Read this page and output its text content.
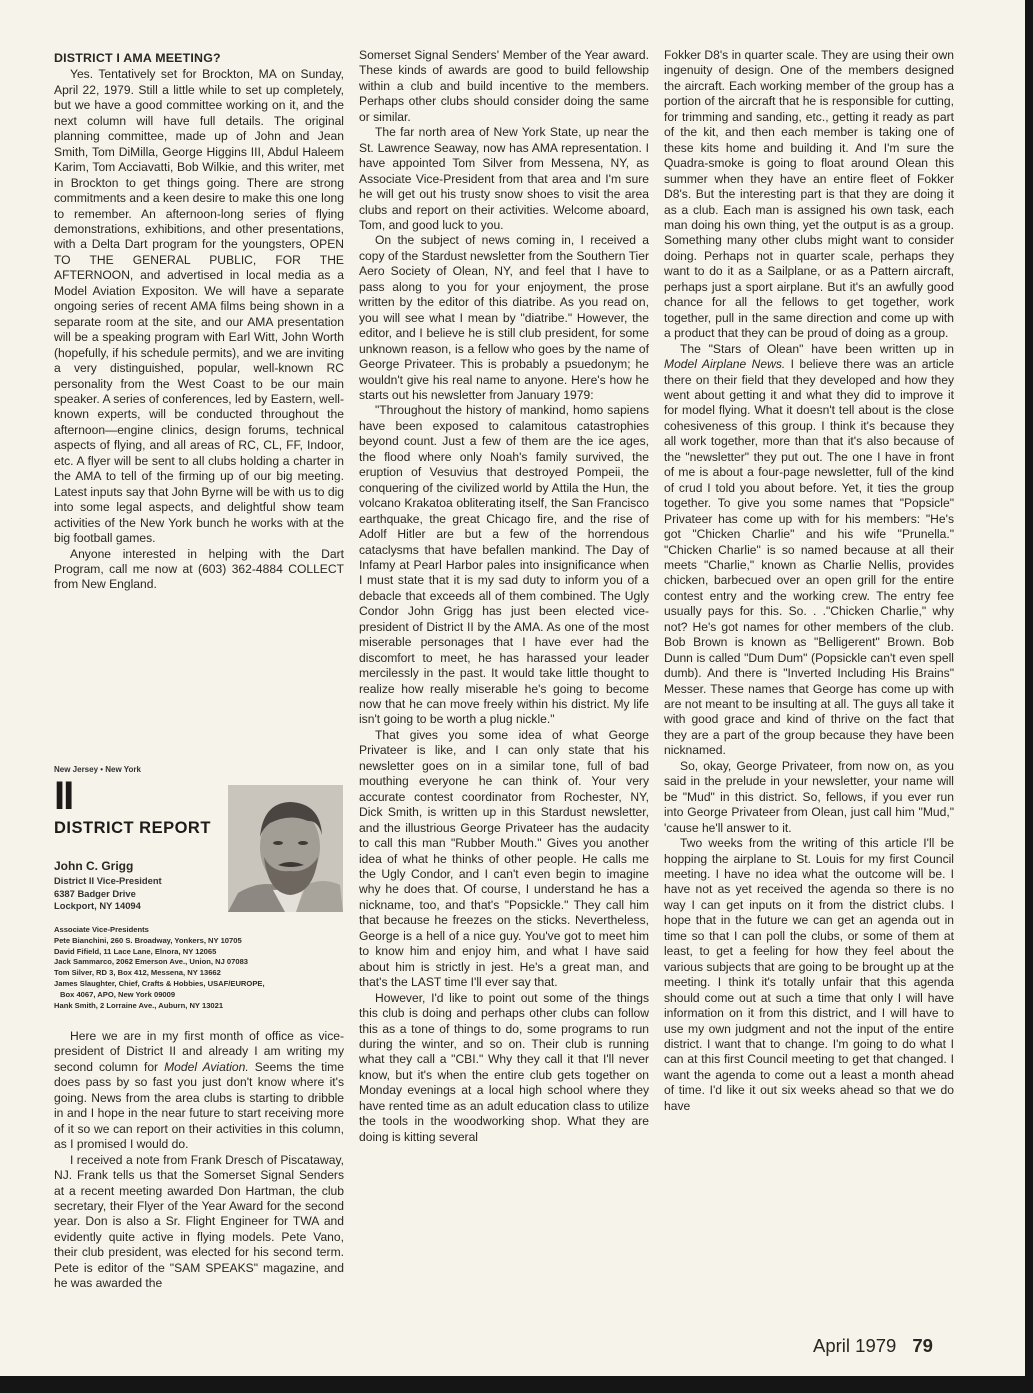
DISTRICT I AMA MEETING?

Yes. Tentatively set for Brockton, MA on Sunday, April 22, 1979. Still a little while to set up completely, but we have a good committee working on it, and the next column will have full details. The original planning committee, made up of John and Jean Smith, Tom DiMilla, George Higgins III, Abdul Haleem Karim, Tom Acciavatti, Bob Wilkie, and this writer, met in Brockton to get things going. There are strong commitments and a keen desire to make this one long to remember. An afternoon-long series of flying demonstrations, exhibitions, and other presentations, with a Delta Dart program for the youngsters, OPEN TO THE GENERAL PUBLIC, FOR THE AFTERNOON, and advertised in local media as a Model Aviation Expositon. We will have a separate ongoing series of recent AMA films being shown in a separate room at the site, and our AMA presentation will be a speaking program with Earl Witt, John Worth (hopefully, if his schedule permits), and we are inviting a very distinguished, popular, well-known RC personality from the West Coast to be our main speaker. A series of conferences, led by Eastern, well-known experts, will be conducted throughout the afternoon—engine clinics, design forums, technical aspects of flying, and all areas of RC, CL, FF, Indoor, etc. A flyer will be sent to all clubs holding a charter in the AMA to tell of the firming up of our big meeting. Latest inputs say that John Byrne will be with us to dig into some legal aspects, and delightful show team activities of the New York bunch he works with at the big football games.

Anyone interested in helping with the Dart Program, call me now at (603) 362-4884 COLLECT from New England.

New Jersey • New York
II
DISTRICT REPORT
John C. Grigg
District II Vice-President
6387 Badger Drive
Lockport, NY 14094
Associate Vice-Presidents
Pete Bianchini, 260 S. Broadway, Yonkers, NY 10705
David Fifield, 11 Lace Lane, Elnora, NY 12065
Jack Sammarco, 2062 Emerson Ave., Union, NJ 07083
Tom Silver, RD 3, Box 412, Messena, NY 13662
James Slaughter, Chief, Crafts & Hobbies, USAF/EUROPE,
Box 4067, APO, New York 09009
Hank Smith, 2 Lorraine Ave., Auburn, NY 13021

Here we are in my first month of office as vice-president of District II and already I am writing my second column for Model Aviation. Seems the time does pass by so fast you just don't know where it's going. News from the area clubs is starting to dribble in and I hope in the near future to start receiving more of it so we can report on their activities in this column, as I promised I would do.

I received a note from Frank Dresch of Piscataway, NJ. Frank tells us that the Somerset Signal Senders at a recent meeting awarded Don Hartman, the club secretary, their Flyer of the Year Award for the second year. Don is also a Sr. Flight Engineer for TWA and evidently quite active in flying models. Pete Vano, their club president, was elected for his second term. Pete is editor of the "SAM SPEAKS" magazine, and he was awarded the

Somerset Signal Senders' Member of the Year award. These kinds of awards are good to build fellowship within a club and build incentive to the members. Perhaps other clubs should consider doing the same or similar.

The far north area of New York State, up near the St. Lawrence Seaway, now has AMA representation. I have appointed Tom Silver from Messena, NY, as Associate Vice-President from that area and I'm sure he will get out his trusty snow shoes to visit the area clubs and report on their activities. Welcome aboard, Tom, and good luck to you.

On the subject of news coming in, I received a copy of the Stardust newsletter from the Southern Tier Aero Society of Olean, NY, and feel that I have to pass along to you for your enjoyment, the prose written by the editor of this diatribe. As you read on, you will see what I mean by "diatribe." However, the editor, and I believe he is still club president, for some unknown reason, is a fellow who goes by the name of George Privateer. This is probably a psuedonym; he wouldn't give his real name to anyone. Here's how he starts out his newsletter from January 1979:

"Throughout the history of mankind, homo sapiens have been exposed to calamitous catastrophies beyond count. Just a few of them are the ice ages, the flood where only Noah's family survived, the eruption of Vesuvius that destroyed Pompeii, the conquering of the civilized world by Attila the Hun, the volcano Krakatoa obliterating itself, the San Francisco earthquake, the great Chicago fire, and the rise of Adolf Hitler are but a few of the horrendous cataclysms that have befallen mankind. The Day of Infamy at Pearl Harbor pales into insignificance when I must state that it is my sad duty to inform you of a debacle that exceeds all of them combined. The Ugly Condor John Grigg has just been elected vice-president of District II by the AMA. As one of the most miserable personages that I have ever had the discomfort to meet, he has harassed your leader mercilessly in the past. It would take little thought to realize how really miserable he's going to become now that he can move freely within his district. My life isn't going to be worth a plug nickle."

That gives you some idea of what George Privateer is like, and I can only state that his newsletter goes on in a similar tone, full of bad mouthing everyone he can think of. Your very accurate contest coordinator from Rochester, NY, Dick Smith, is written up in this Stardust newsletter, and the illustrious George Privateer has the audacity to call this man "Rubber Mouth." Gives you another idea of what he thinks of other people. He calls me the Ugly Condor, and I can't even begin to imagine why he does that. Of course, I understand he has a nickname, too, and that's "Popsickle." They call him that because he freezes on the sticks. Nevertheless, George is a hell of a nice guy. You've got to meet him to know him and enjoy him, and what I have said about him is strictly in jest. He's a great man, and that's the LAST time I'll ever say that.

However, I'd like to point out some of the things this club is doing and perhaps other clubs can follow this as a tone of things to do, some programs to run during the winter, and so on. Their club is running what they call a "CBI." Why they call it that I'll never know, but it's when the entire club gets together on Monday evenings at a local high school where they have rented time as an adult education class to utilize the tools in the woodworking shop. What they are doing is kitting several

Fokker D8's in quarter scale. They are using their own ingenuity of design. One of the members designed the aircraft. Each working member of the group has a portion of the aircraft that he is responsible for cutting, for trimming and sanding, etc., getting it ready as part of the kit, and then each member is taking one of these kits home and building it. And I'm sure the Quadra-smoke is going to float around Olean this summer when they have an entire fleet of Fokker D8's. But the interesting part is that they are doing it as a club. Each man is assigned his own task, each man doing his own thing, yet the output is as a group. Something many other clubs might want to consider doing. Perhaps not in quarter scale, perhaps they want to do it as a Sailplane, or as a Pattern aircraft, perhaps just a sport airplane. But it's an awfully good chance for all the fellows to get together, work together, pull in the same direction and come up with a product that they can be proud of doing as a group.

The "Stars of Olean" have been written up in Model Airplane News. I believe there was an article there on their field that they developed and how they went about getting it and what they did to improve it for model flying. What it doesn't tell about is the close cohesiveness of this group. I think it's because they all work together, more than that it's also because of the "newsletter" they put out. The one I have in front of me is about a four-page newsletter, full of the kind of crud I told you about before. Yet, it ties the group together. To give you some names that "Popsicle" Privateer has come up with for his members: "He's got "Chicken Charlie" and his wife "Prunella." "Chicken Charlie" is so named because at all their meets "Charlie," known as Charlie Nellis, provides chicken, barbecued over an open grill for the entire contest entry and the working crew. The entry fee usually pays for this. So. . ."Chicken Charlie," why not? He's got names for other members of the club. Bob Brown is known as "Belligerent" Brown. Bob Dunn is called "Dum Dum" (Popsickle can't even spell dumb). And there is "Inverted Including His Brains" Messer. These names that George has come up with are not meant to be insulting at all. The guys all take it with good grace and kind of thrive on the fact that they are a part of the group because they have been nicknamed.

So, okay, George Privateer, from now on, as you said in the prelude in your newsletter, your name will be "Mud" in this district. So, fellows, if you ever run into George Privateer from Olean, just call him "Mud," 'cause he'll answer to it.

Two weeks from the writing of this article I'll be hopping the airplane to St. Louis for my first Council meeting. I have no idea what the outcome will be. I have not as yet received the agenda so there is no way I can get inputs on it from the district clubs. I hope that in the future we can get an agenda out in time so that I can poll the clubs, or some of them at least, to get a feeling for how they feel about the various subjects that are going to be brought up at the meeting. I think it's totally unfair that this agenda should come out at such a time that only I will have information on it from this district, and I will have to use my own judgment and not the input of the entire district. I want that to change. I'm going to do what I can at this first Council meeting to get that changed. I want the agenda to come out a least a month ahead of time. I'd like it out six weeks ahead so that we do have

April 1979 79
